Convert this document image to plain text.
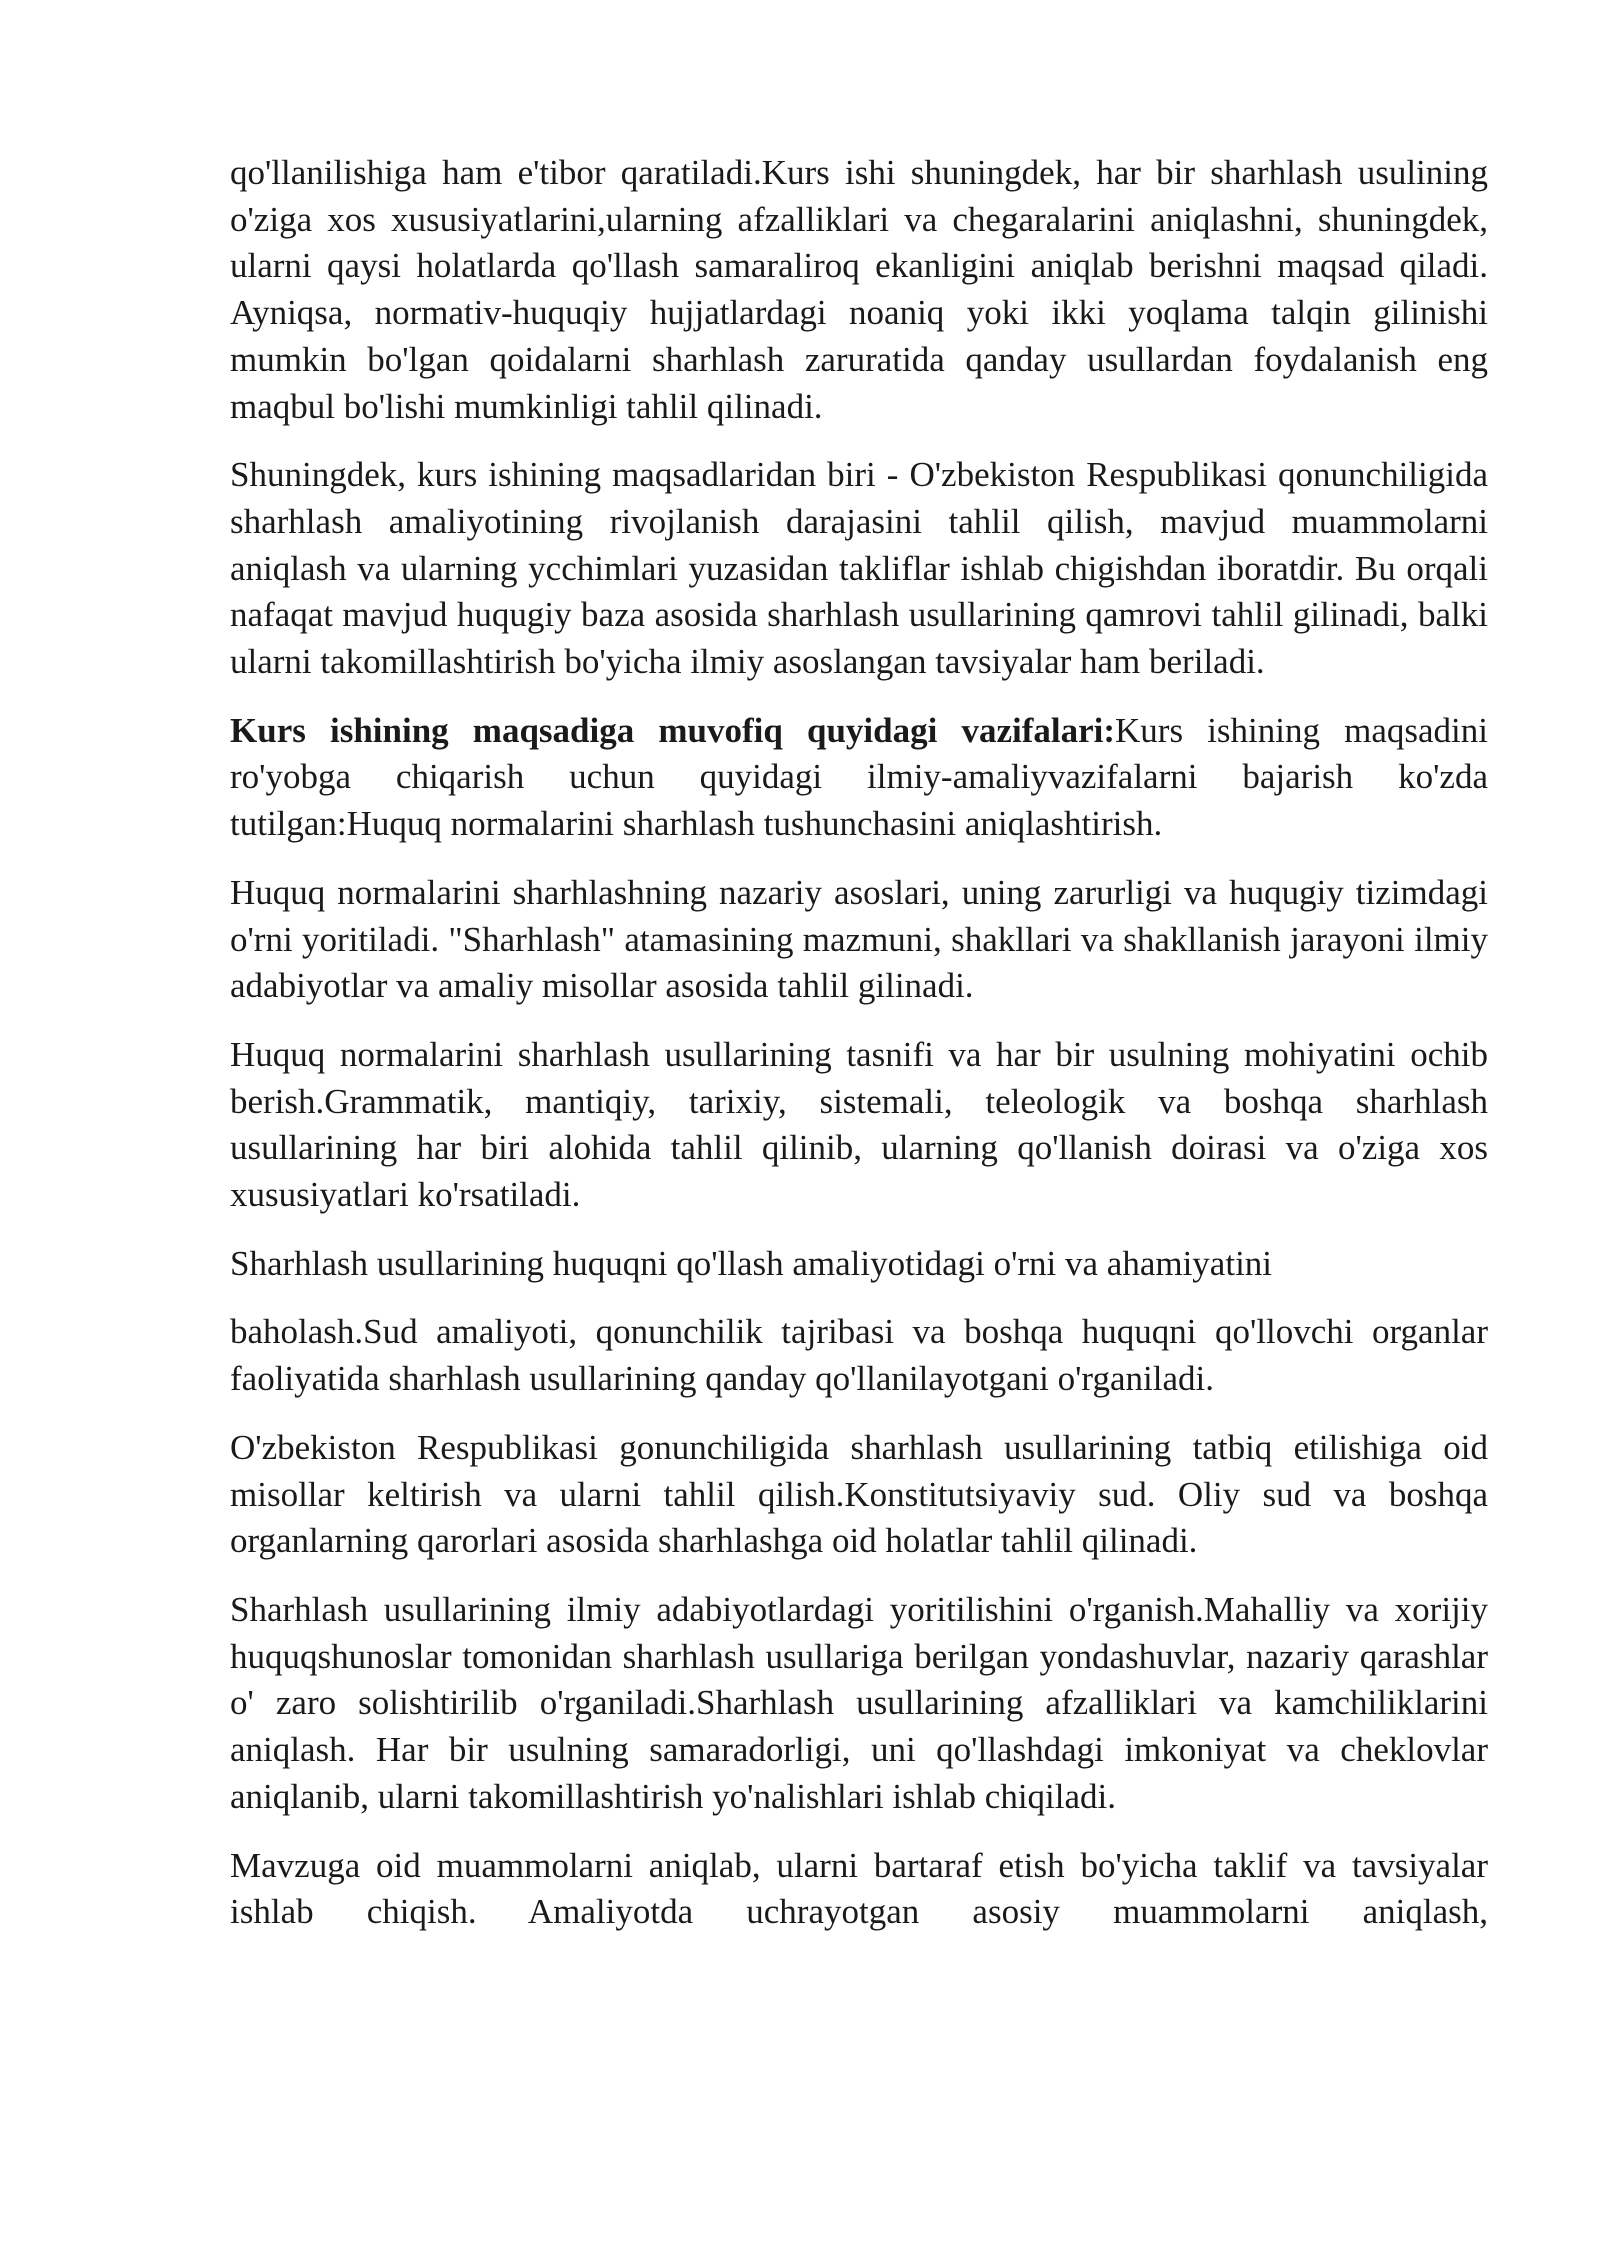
qo'llanilishiga ham e'tibor qaratiladi.Kurs ishi shuningdek, har bir sharhlash usulining o'ziga xos xususiyatlarini,ularning afzalliklari va chegaralarini aniqlashni, shuningdek, ularni qaysi holatlarda qo'llash samaraliroq ekanligini aniqlab berishni maqsad qiladi. Ayniqsa, normativ-huquqiy hujjatlardagi noaniq yoki ikki yoqlama talqin gilinishi mumkin bo'lgan qoidalarni sharhlash zaruratida qanday usullardan foydalanish eng maqbul bo'lishi mumkinligi tahlil qilinadi.

Shuningdek, kurs ishining maqsadlaridan biri - O'zbekiston Respublikasi qonunchiligida sharhlash amaliyotining rivojlanish darajasini tahlil qilish, mavjud muammolarni aniqlash va ularning ycchimlari yuzasidan takliflar ishlab chigishdan iboratdir. Bu orqali nafaqat mavjud huqugiy baza asosida sharhlash usullarining qamrovi tahlil gilinadi, balki ularni takomillashtirish bo'yicha ilmiy asoslangan tavsiyalar ham beriladi.

Kurs ishining maqsadiga muvofiq quyidagi vazifalari:Kurs ishining maqsadini ro'yobga chiqarish uchun quyidagi ilmiy-amaliyvazifalarni bajarish ko'zda tutilgan:Huquq normalarini sharhlash tushunchasini aniqlashtirish.

Huquq normalarini sharhlashning nazariy asoslari, uning zarurligi va huqugiy tizimdagi o'rni yoritiladi. "Sharhlash" atamasining mazmuni, shakllari va shakllanish jarayoni ilmiy adabiyotlar va amaliy misollar asosida tahlil gilinadi.

Huquq normalarini sharhlash usullarining tasnifi va har bir usulning mohiyatini ochib berish.Grammatik, mantiqiy, tarixiy, sistemali, teleologik va boshqa sharhlash usullarining har biri alohida tahlil qilinib, ularning qo'llanish doirasi va o'ziga xos xususiyatlari ko'rsatiladi.

Sharhlash usullarining huquqni qo'llash amaliyotidagi o'rni va ahamiyatini

baholash.Sud amaliyoti, qonunchilik tajribasi va boshqa huquqni qo'llovchi organlar faoliyatida sharhlash usullarining qanday qo'llanilayotgani o'rganiladi.

O'zbekiston Respublikasi gonunchiligida sharhlash usullarining tatbiq etilishiga oid misollar keltirish va ularni tahlil qilish.Konstitutsiyaviy sud. Oliy sud va boshqa organlarning qarorlari asosida sharhlashga oid holatlar tahlil qilinadi.

Sharhlash usullarining ilmiy adabiyotlardagi yoritilishini o'rganish.Mahalliy va xorijiy huquqshunoslar tomonidan sharhlash usullariga berilgan yondashuvlar, nazariy qarashlar o' zaro solishtirilib o'rganiladi.Sharhlash usullarining afzalliklari va kamchiliklarini aniqlash. Har bir usulning samaradorligi, uni qo'llashdagi imkoniyat va cheklovlar aniqlanib, ularni takomillashtirish yo'nalishlari ishlab chiqiladi.

Mavzuga oid muammolarni aniqlab, ularni bartaraf etish bo'yicha taklif va tavsiyalar ishlab chiqish. Amaliyotda uchrayotgan asosiy muammolarni aniqlash,
